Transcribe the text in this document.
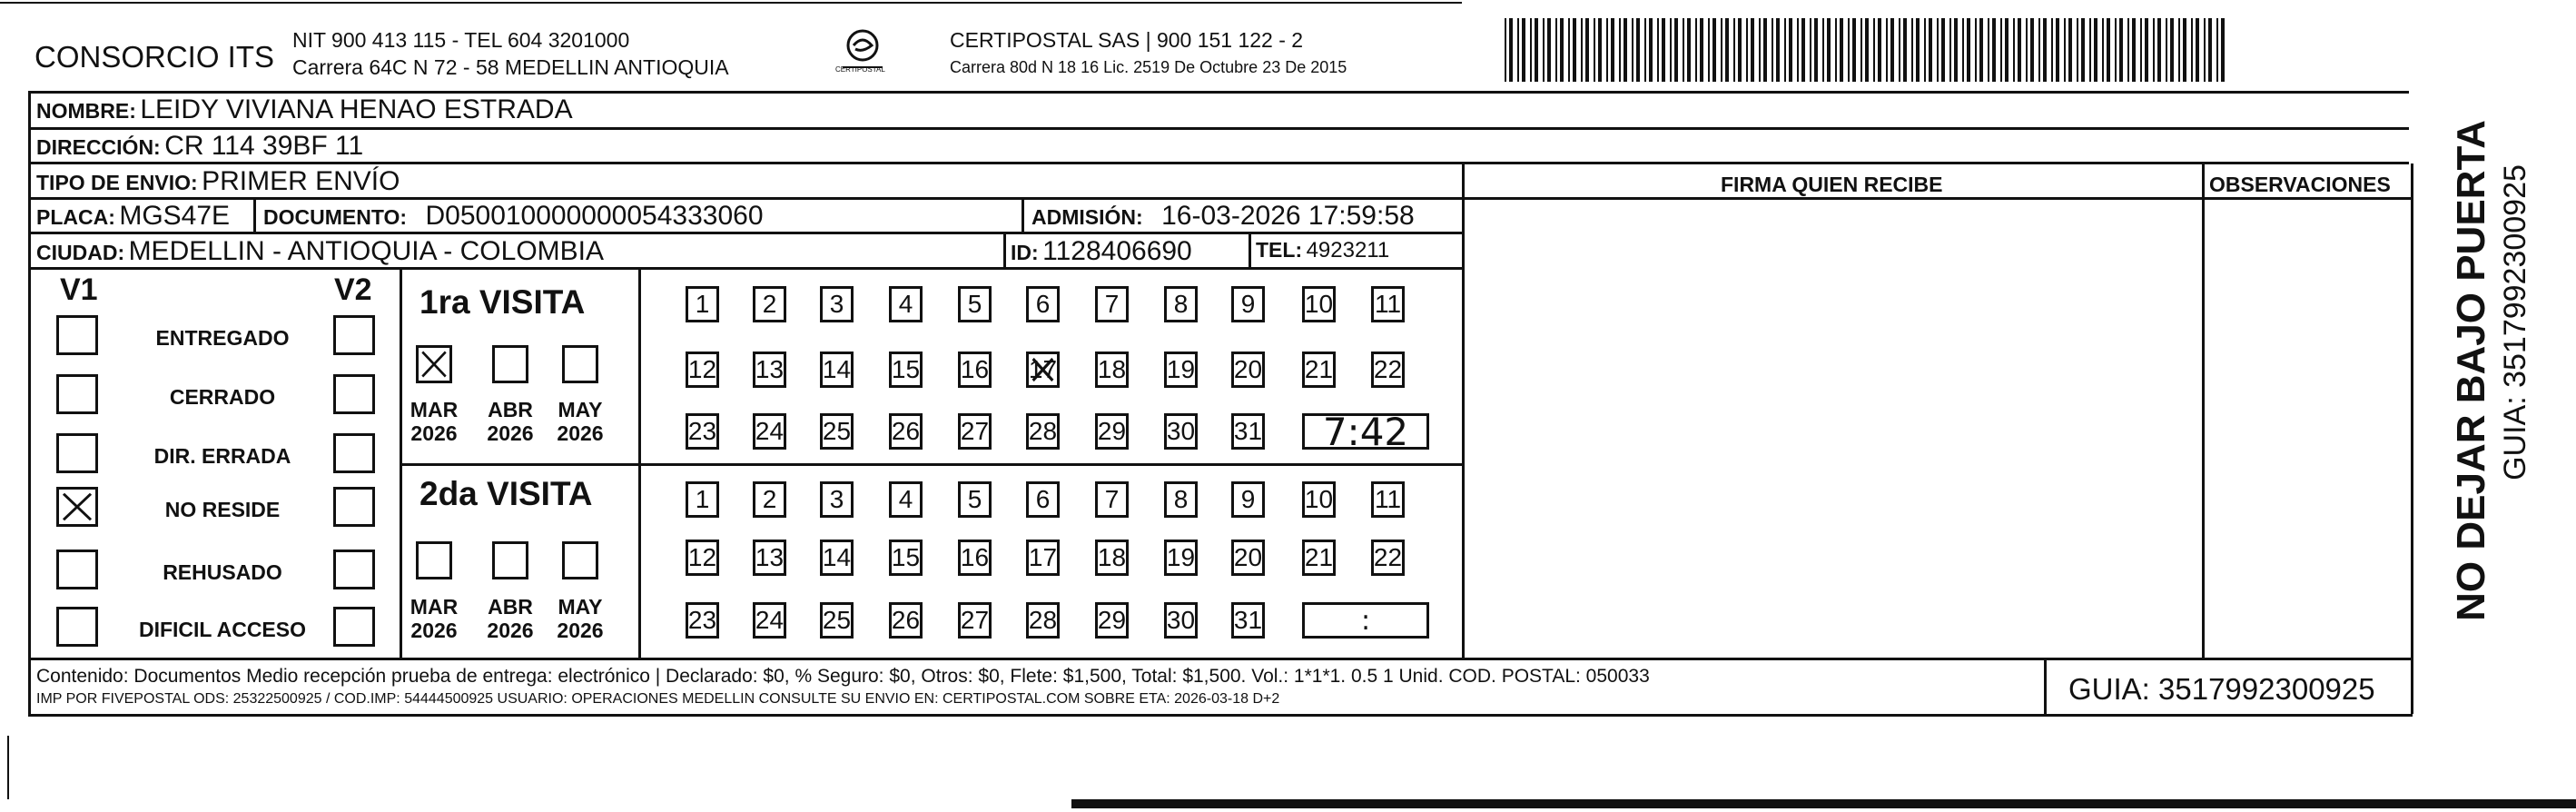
CONSORCIO ITS NIT 900 413 115 - TEL 604 3201000
Carrera 64C N 72 - 58 MEDELLIN ANTIOQUIA	CERTIPOSTAL
CERTIPOSTAL SAS | 900 151 122 - 2
Carrera 80d N 18 16 Lic. 2519 De Octubre 23 De 2015
NOMBRE: LEIDY VIVIANA HENAO ESTRADA
DIRECCIÓN: CR 114 39BF 11
TIPO DE ENVIO: PRIMER ENVÍO	FIRMA QUIEN RECIBE	OBSERVACIONES
PLACA: MGS47E DOCUMENTO: D050010000000054333060	ADMISIÓN: 16-03-2026 17:59:58
CIUDAD: MEDELLIN - ANTIOQUIA - COLOMBIA	ID: 1128406690	TEL: 4923211
V1	V2
ENTREGADO
CERRADO
DIR. ERRADA
NO RESIDE
REHUSADO
DIFICIL ACCESO
1ra VISITA
2da VISITA
MAR
2026
ABR
2026
MAY
2026
1	2	3	4	5	6	7	8	9	10 11
12 13 14 15 16 17 18 19 20 21 22
23 24 25 26 27 28 29 30 31	7:42
MAR
2026
ABR
2026
MAY
2026
1	2	3	4	5	6	7	8	9	10 11
12 13 14 15 16 17 18 19 20 21 22
23 24 25 26 27 28 29 30 31	:
Contenido: Documentos Medio recepción prueba de entrega: electrónico | Declarado: $0, % Seguro: $0, Otros: $0, Flete: $1,500, Total: $1,500. Vol.: 1*1*1. 0.5 1 Unid. COD. POSTAL: 050033
IMP POR FIVEPOSTAL ODS: 25322500925 / COD.IMP: 54444500925 USUARIO: OPERACIONES MEDELLIN CONSULTE SU ENVIO EN: CERTIPOSTAL.COM SOBRE ETA: 2026-03-18 D+2	GUIA: 3517992300925
NO DEJAR BAJO PUERTA GUIA: 3517992300925
